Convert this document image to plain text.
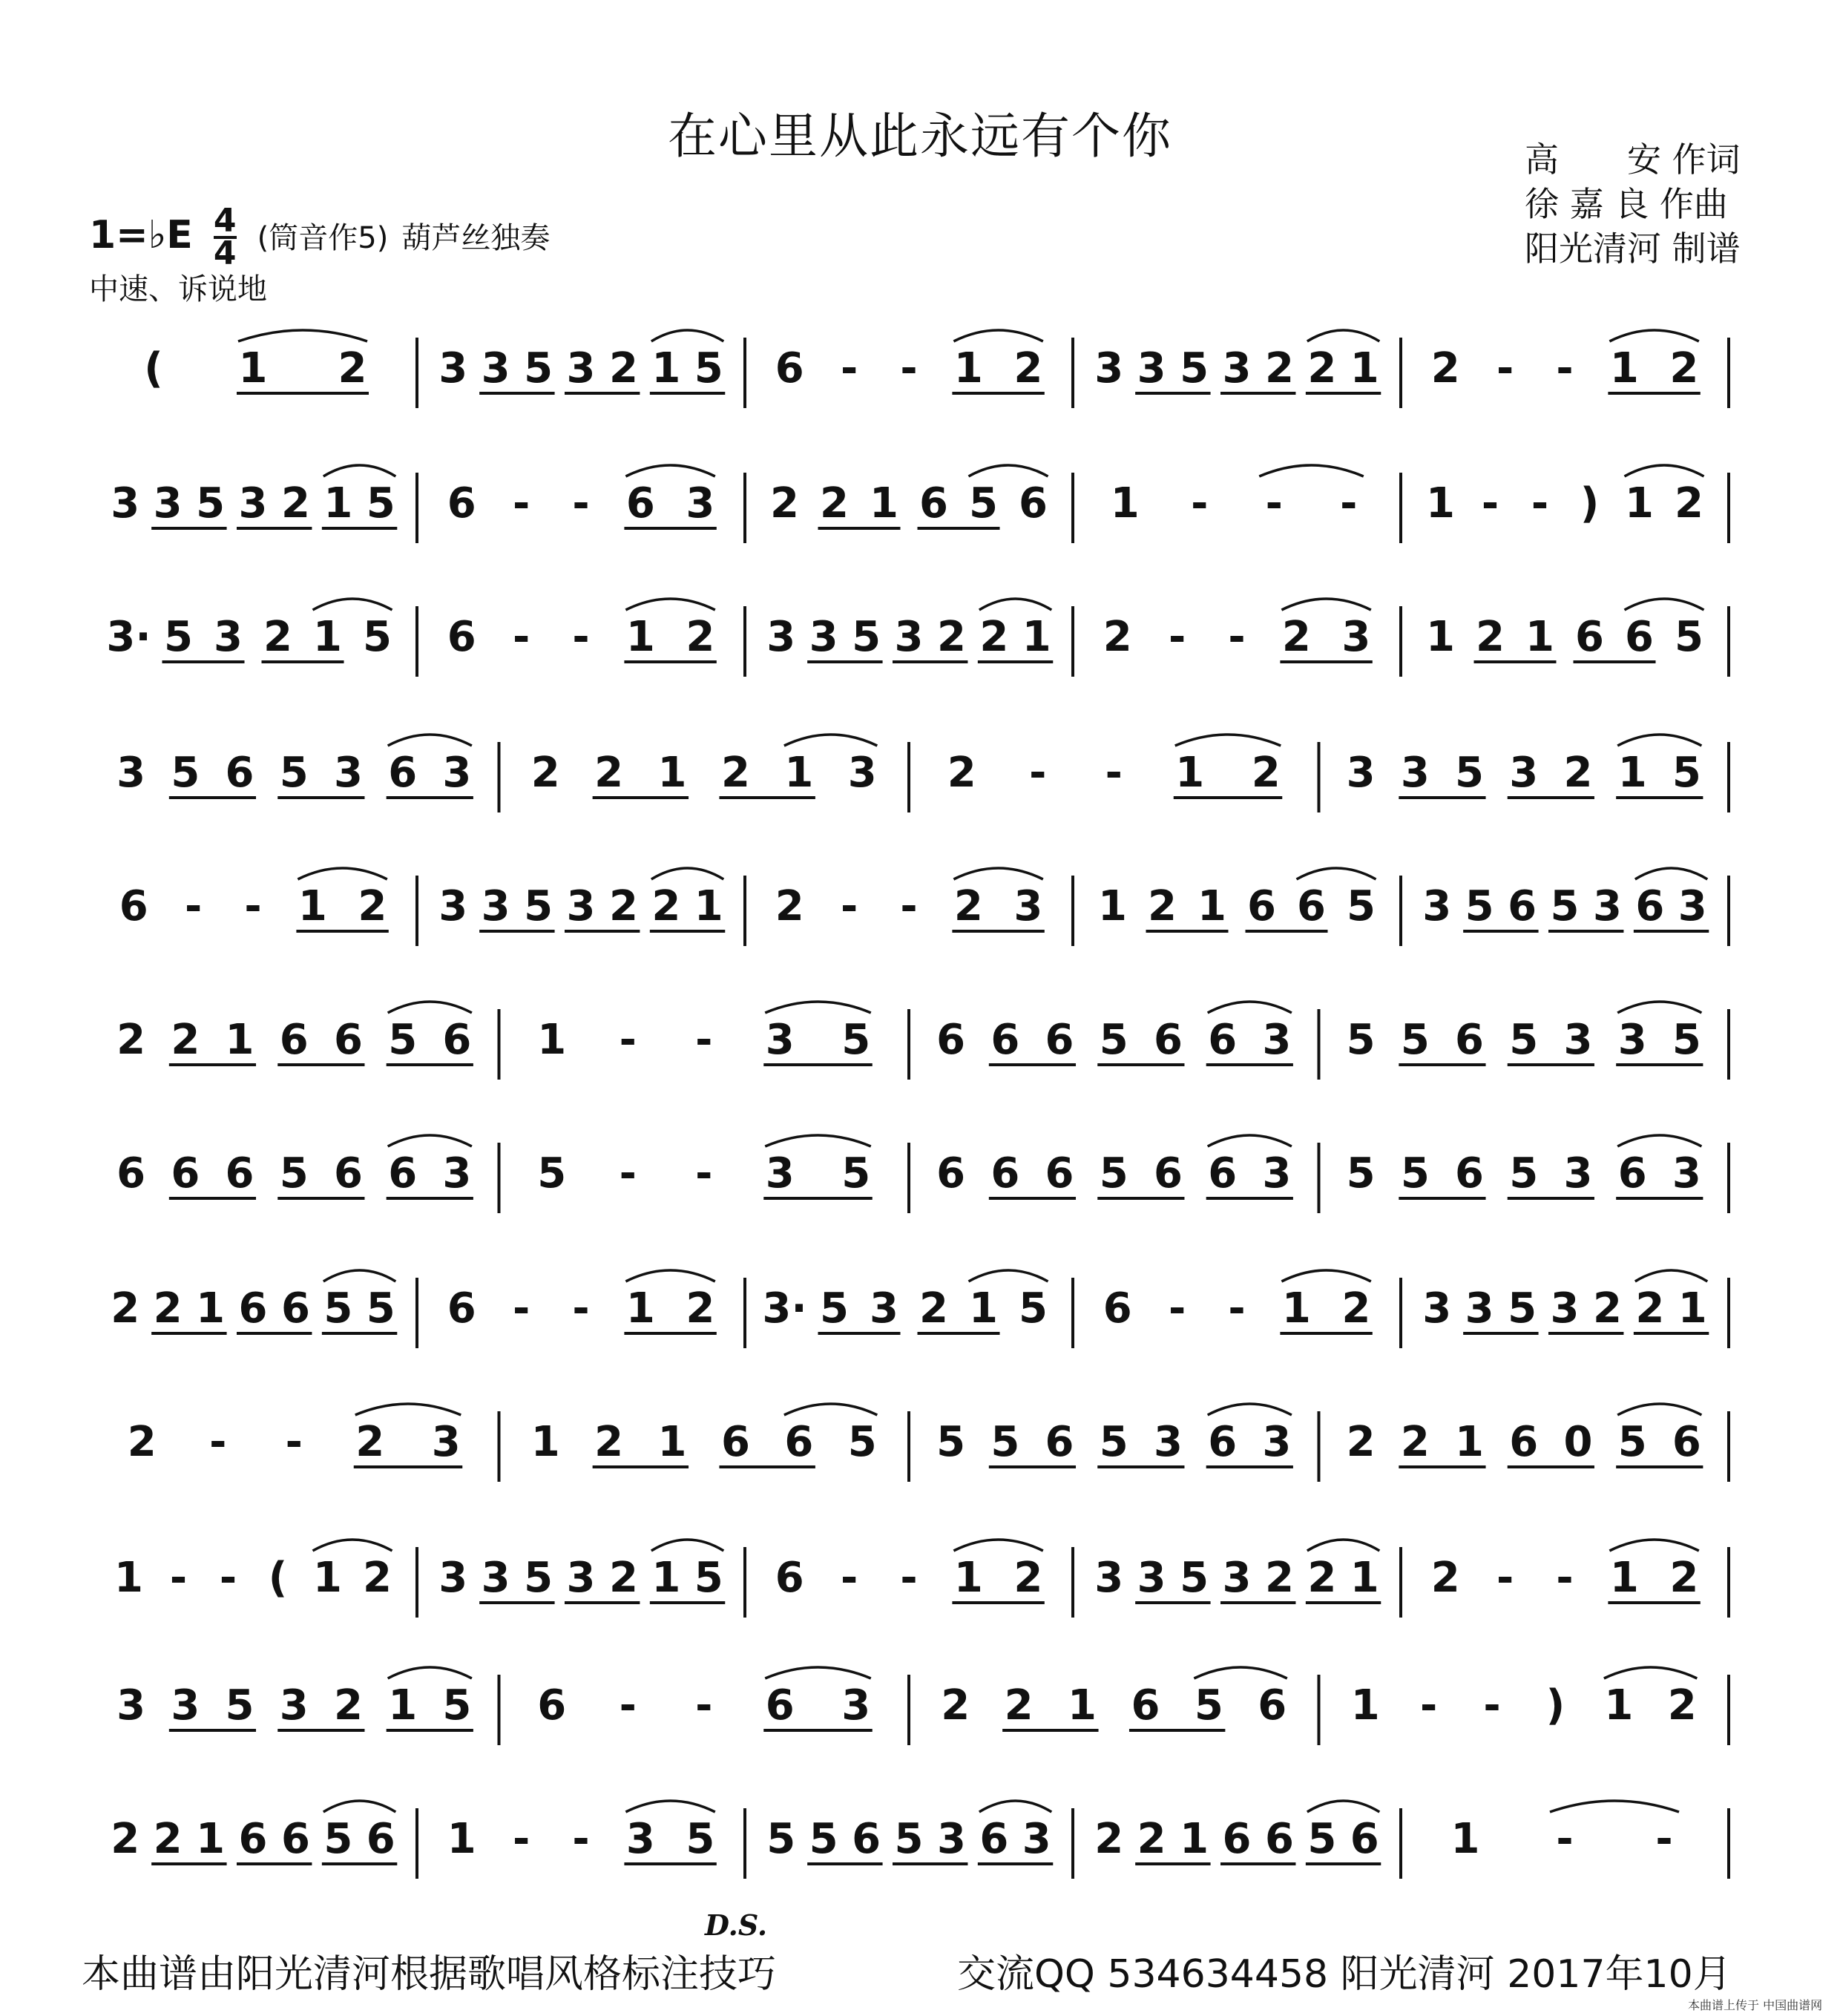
在心里从此永远有个你	高　　安 作词
徐 嘉 良 作曲
阳光清河 制谱
1=♭E $\frac{4}{4}$ (筒音作5) 葫芦丝独奏
中速、诉说地
( 1 2 3 3 5 3 2 1 5 6 - - 1 2 3 3 5 3 2 2 1 2 - - 1 2
3 3 5 3 2 1 5 6 - - 6 3 2 2 1 6 5 6 1 - - - 1 - - ) 1 2
3· 5 3 2 1 5 6 - - 1 2 3 3 5 3 2 2 1 2 - - 2 3 1 2 1 6 6 5
3 5 6 5 3 6 3 2 2 1 2 1 3 2 - - 1 2 3 3 5 3 2 1 5
6 - - 1 2 3 3 5 3 2 2 1 2 - - 2 3 1 2 1 6 6 5 3 5 6 5 3 6 3
2 2 1 6 6 5 6 1 - - 3 5 6 6 6 5 6 6 3 5 5 6 5 3 3 5
6 6 6 5 6 6 3 5 - - 3 5 6 6 6 5 6 6 3 5 5 6 5 3 6 3
2 2 1 6 6 5 5 6 - - 1 2 3· 5 3 2 1 5 6 - - 1 2 3 3 5 3 2 2 1
2 - - 2 3 1 2 1 6 6 5 5 5 6 5 3 6 3 2 2 1 6 0 5 6
1 - - ( 1 2 3 3 5 3 2 1 5 6 - - 1 2 3 3 5 3 2 2 1 2 - - 1 2
3 3 5 3 2 1 5 6 - - 6 3 2 2 1 6 5 6 1 - - ) 1 2
2 2 1 6 6 5 6 1 - - 3 5 5 5 6 5 3 6 3 2 2 1 6 6 5 6 1 - -
D.S.
本曲谱由阳光清河根据歌唱风格标注技巧	交流QQ 534634458 阳光清河 2017年10月
本曲谱上传于 中国曲谱网
